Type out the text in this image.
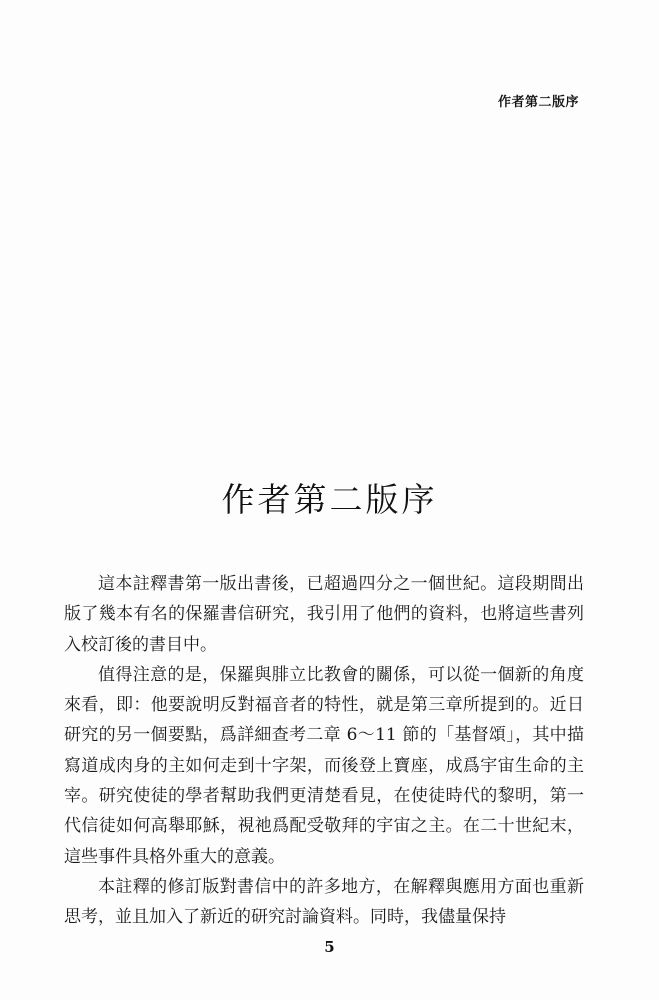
作者第二版序
作者第二版序

這本註釋書第一版出書後，已超過四分之一個世紀。這段期間出版了幾本有名的保羅書信研究，我引用了他們的資料，也將這些書列入校訂後的書目中。

值得注意的是，保羅與腓立比教會的關係，可以從一個新的角度來看，即：他要說明反對福音者的特性，就是第三章所提到的。近日研究的另一個要點，爲詳細查考二章 6～11 節的「基督頌」，其中描寫道成肉身的主如何走到十字架，而後登上寶座，成爲宇宙生命的主宰。研究使徒的學者幫助我們更清楚看見，在使徒時代的黎明，第一代信徒如何高舉耶穌，視祂爲配受敬拜的宇宙之主。在二十世紀末，這些事件具格外重大的意義。

本註釋的修訂版對書信中的許多地方，在解釋與應用方面也重新思考，並且加入了新近的研究討論資料。同時，我儘量保持

5
